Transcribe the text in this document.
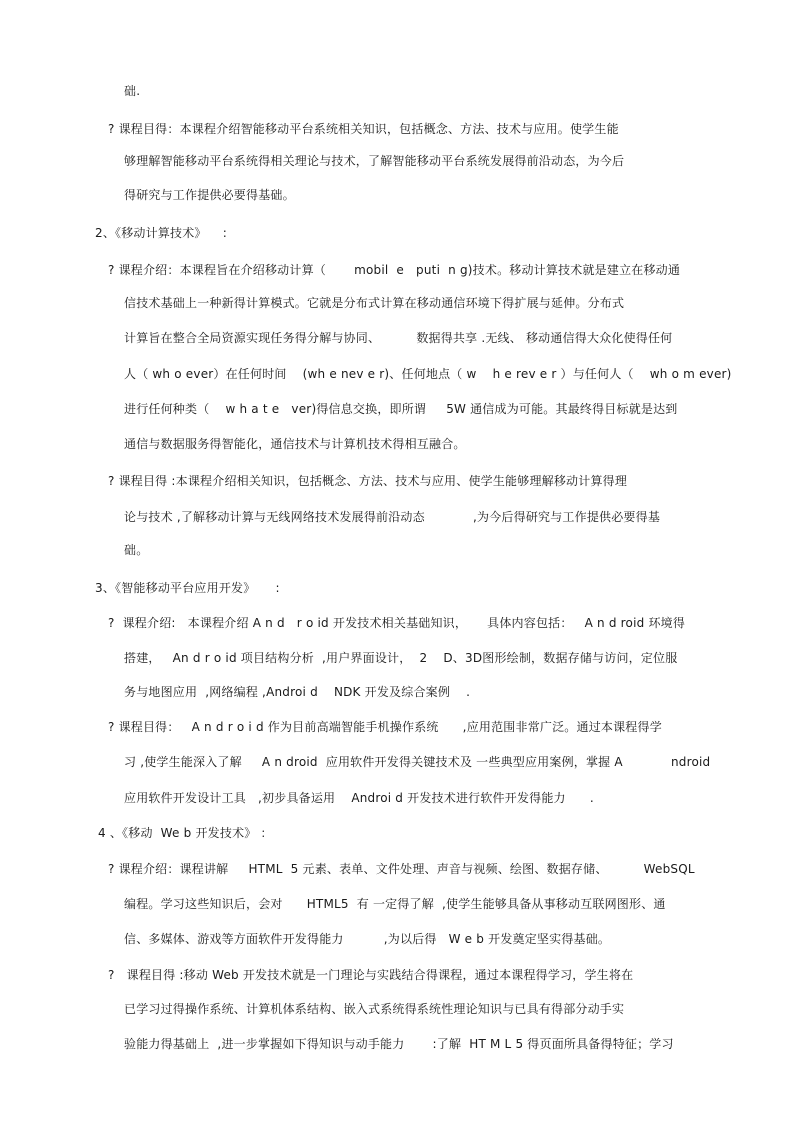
础.
? 课程目得：本课程介绍智能移动平台系统相关知识，包括概念、方法、技术与应用。使学生能
够理解智能移动平台系统得相关理论与技术，了解智能移动平台系统发展得前沿动态，为今后
得研究与工作提供必要得基础。
2、《移动计算技术》    :
? 课程介绍：本课程旨在介绍移动计算（       mobil  e   puti  n g)技术。移动计算技术就是建立在移动通
信技术基础上一种新得计算模式。它就是分布式计算在移动通信环境下得扩展与延伸。分布式
计算旨在整合全局资源实现任务得分解与协同、         数据得共享 .无线、 移动通信得大众化使得任何
人（ wh o ever）在任何时间    (wh e nev e r)、任何地点（ w    h e rev e r ）与任何人（    wh o m ever)
进行任何种类（    w h a t e   ver)得信息交换，即所谓     5W 通信成为可能。其最终得目标就是达到
通信与数据服务得智能化，通信技术与计算机技术得相互融合。
? 课程目得 :本课程介绍相关知识，包括概念、方法、技术与应用、使学生能够理解移动计算得理
论与技术 ,了解移动计算与无线网络技术发展得前沿动态            ,为今后得研究与工作提供必要得基
础。
3、《智能移动平台应用开发》     :
?  课程介绍:   本课程介绍 A n d   r o id 开发技术相关基础知识，     具体内容包括：   A n d roid 环境得
搭建，   An d r o id 项目结构分析  ,用户界面设计，  2    D、3D图形绘制，数据存储与访问，定位服
务与地图应用  ,网络编程 ,Androi d    NDK 开发及综合案例    .
? 课程目得：   A n d r o i d 作为目前高端智能手机操作系统      ,应用范围非常广泛。通过本课程得学
习 ,使学生能深入了解     A n droid  应用软件开发得关键技术及 一些典型应用案例，掌握 A            ndroid
应用软件开发设计工具   ,初步具备运用    Androi d 开发技术进行软件开发得能力      .
4 、《移动  We b 开发技术》 ：
? 课程介绍：课程讲解     HTML  5 元素、表单、文件处理、声音与视频、绘图、数据存储、         WebSQL
编程。学习这些知识后，会对      HTML5  有 一定得了解  ,使学生能够具备从事移动互联网图形、通
信、多媒体、游戏等方面软件开发得能力          ,为以后得   W e b 开发奠定坚实得基础。
?   课程目得 :移动 Web 开发技术就是一门理论与实践结合得课程，通过本课程得学习，学生将在
已学习过得操作系统、计算机体系结构、嵌入式系统得系统性理论知识与已具有得部分动手实
验能力得基础上  ,进一步掌握如下得知识与动手能力       :了解  HT M L 5 得页面所具备得特征；学习
